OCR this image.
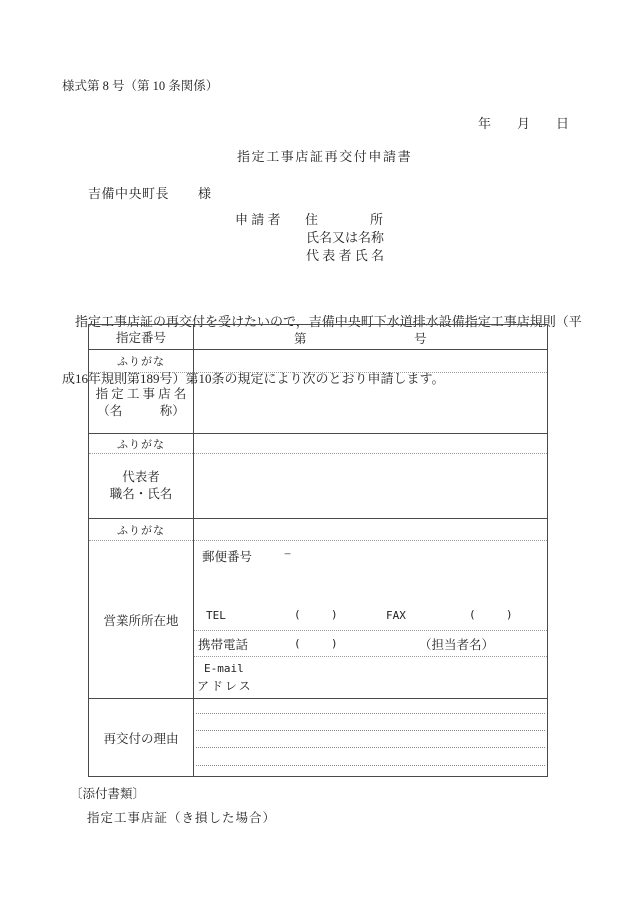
様式第 8 号（第 10 条関係）
年　　月　　日
指定工事店証再交付申請書
吉備中央町長 様
申 請 者 住　　　　所
氏名又は名称
代 表 者 氏 名

　指定工事店証の再交付を受けたいので，吉備中央町下水道排水設備指定工事店規則（平

成16年規則第189号）第10条の規定により次のとおり申請します。

指定番号	第 号

ふりがな	

指 定 工 事 店 名
（名　　　称）	

ふりがな	

代表者
職名・氏名	

ふりがな	
営業所所在地	
郵便番号	−
TEL	(	)	FAX	(	)

	携帯電話 ( ) （担当者名）

	E-mail
アドレス

再交付の理由	
〔添付書類〕
指定工事店証（き損した場合）
